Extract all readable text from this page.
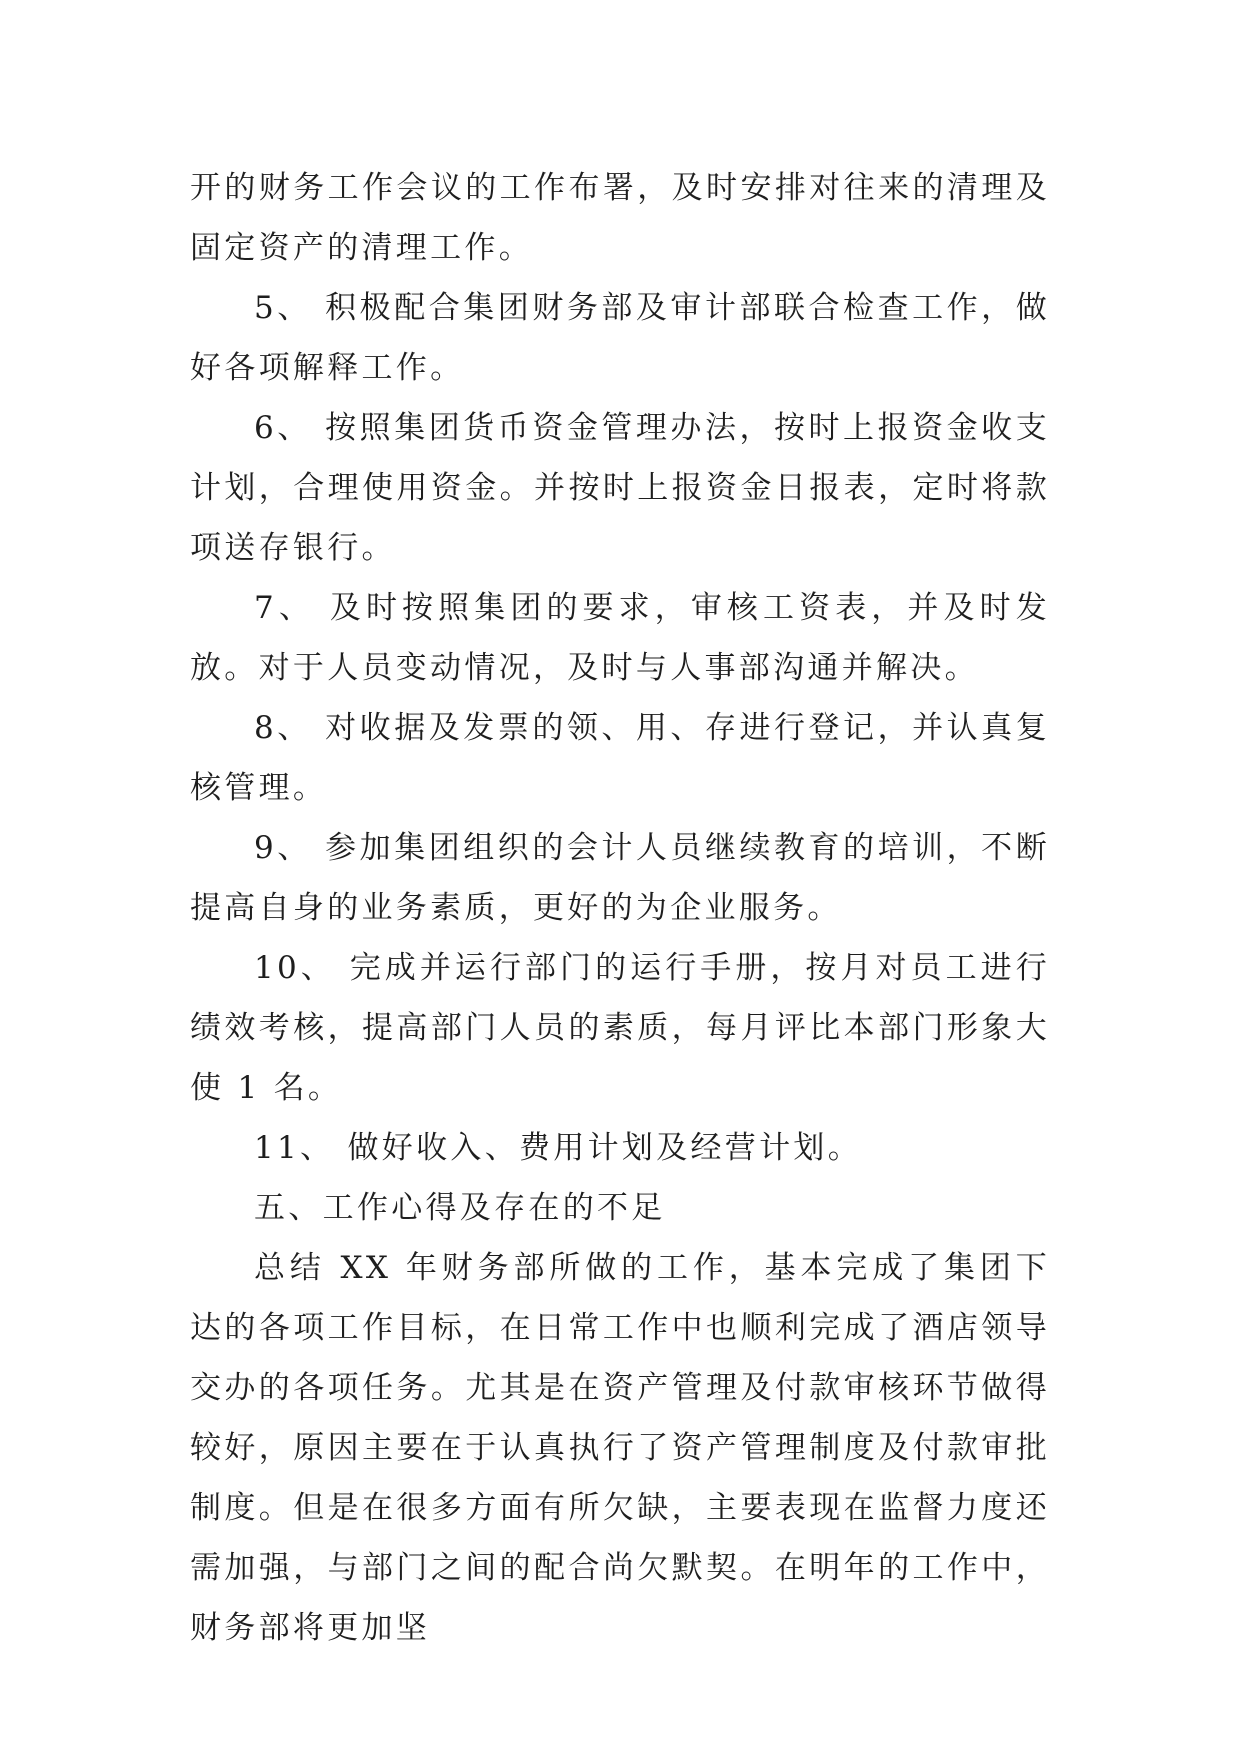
开的财务工作会议的工作布署，及时安排对往来的清理及固定资产的清理工作。

5、 积极配合集团财务部及审计部联合检查工作，做好各项解释工作。

6、 按照集团货币资金管理办法，按时上报资金收支计划，合理使用资金。并按时上报资金日报表，定时将款项送存银行。

7、 及时按照集团的要求，审核工资表，并及时发放。对于人员变动情况，及时与人事部沟通并解决。

8、 对收据及发票的领、用、存进行登记，并认真复核管理。

9、 参加集团组织的会计人员继续教育的培训，不断提高自身的业务素质，更好的为企业服务。

10、 完成并运行部门的运行手册，按月对员工进行绩效考核，提高部门人员的素质，每月评比本部门形象大使 1 名。

11、 做好收入、费用计划及经营计划。

五、工作心得及存在的不足

总结 XX 年财务部所做的工作，基本完成了集团下达的各项工作目标，在日常工作中也顺利完成了酒店领导交办的各项任务。尤其是在资产管理及付款审核环节做得较好，原因主要在于认真执行了资产管理制度及付款审批制度。但是在很多方面有所欠缺，主要表现在监督力度还需加强，与部门之间的配合尚欠默契。在明年的工作中，财务部将更加坚
